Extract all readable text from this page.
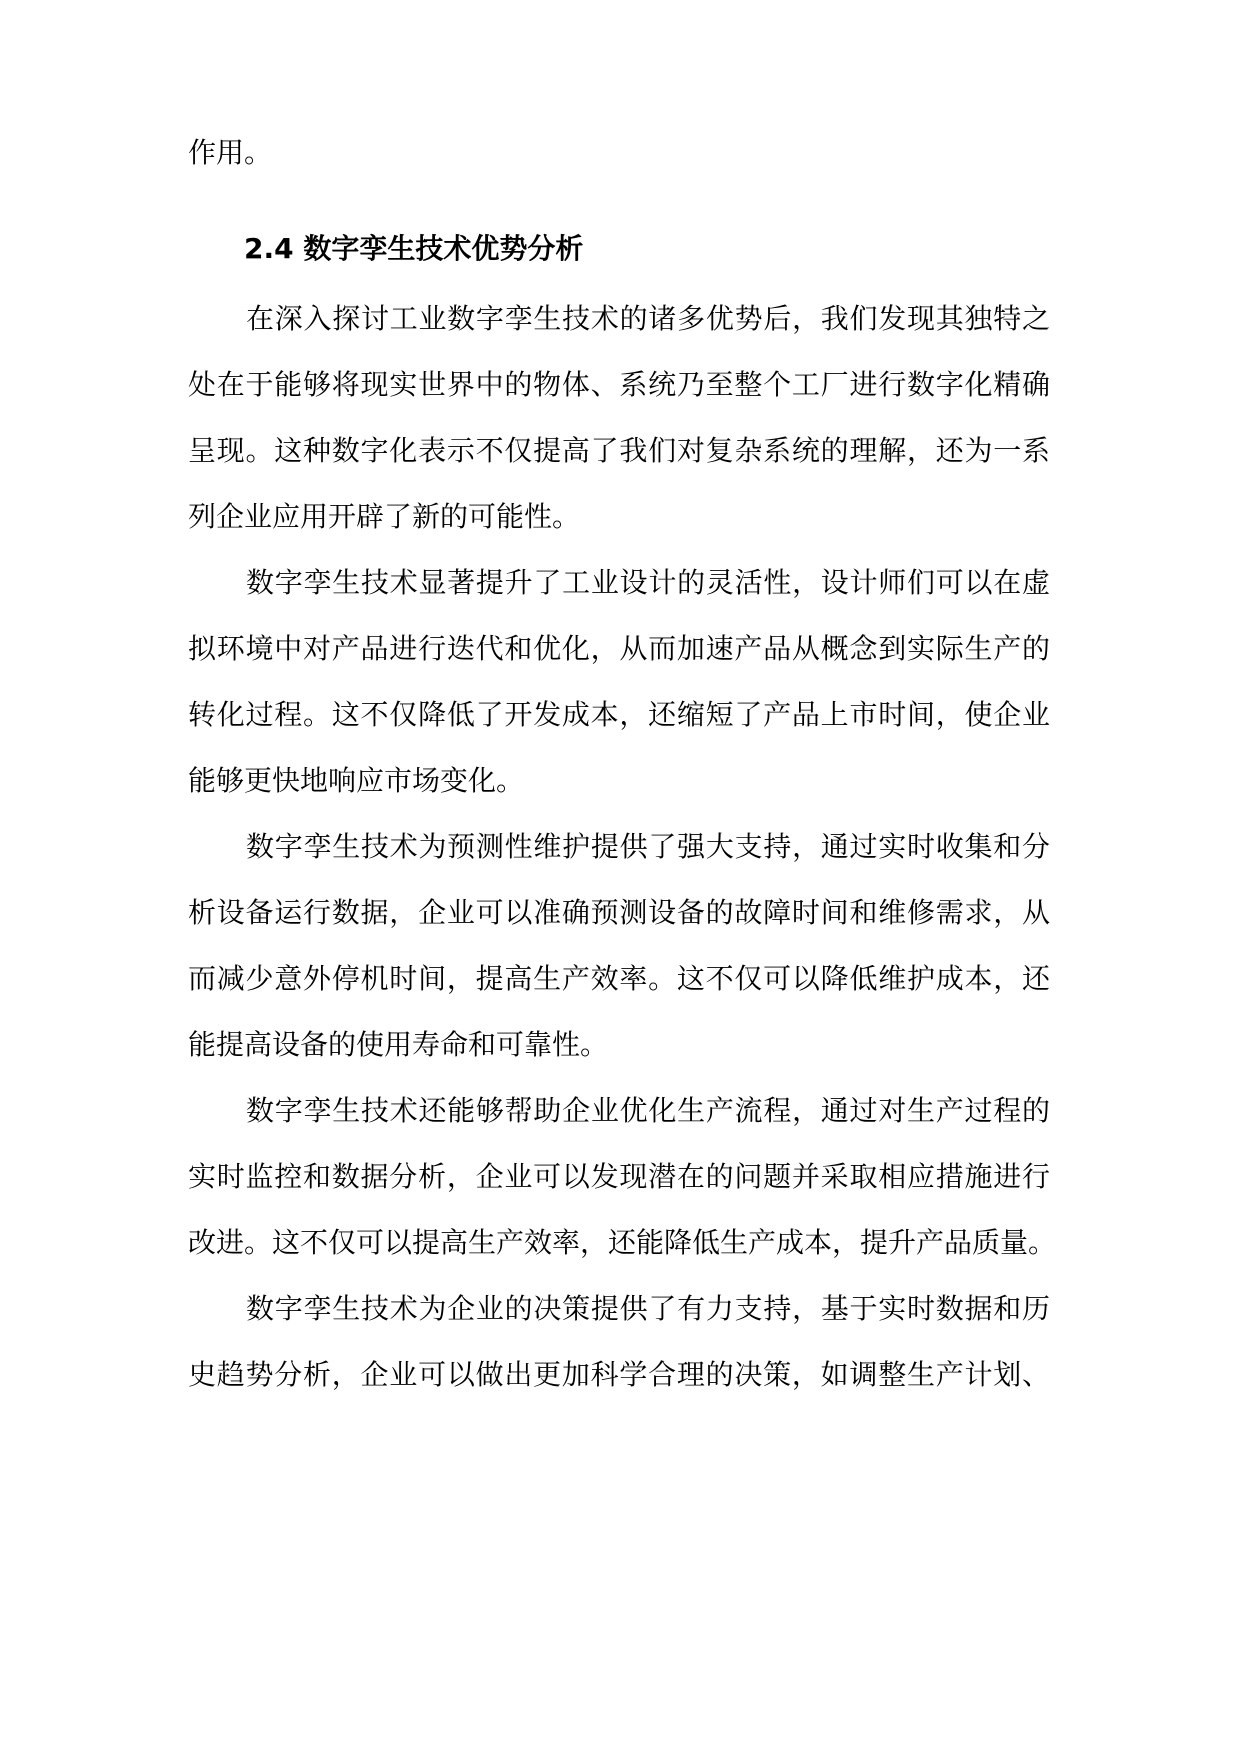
作用。
2.4 数字孪生技术优势分析
在深入探讨工业数字孪生技术的诸多优势后，我们发现其独特之
处在于能够将现实世界中的物体、系统乃至整个工厂进行数字化精确
呈现。这种数字化表示不仅提高了我们对复杂系统的理解，还为一系
列企业应用开辟了新的可能性。
数字孪生技术显著提升了工业设计的灵活性，设计师们可以在虚
拟环境中对产品进行迭代和优化，从而加速产品从概念到实际生产的
转化过程。这不仅降低了开发成本，还缩短了产品上市时间，使企业
能够更快地响应市场变化。
数字孪生技术为预测性维护提供了强大支持，通过实时收集和分
析设备运行数据，企业可以准确预测设备的故障时间和维修需求，从
而减少意外停机时间，提高生产效率。这不仅可以降低维护成本，还
能提高设备的使用寿命和可靠性。
数字孪生技术还能够帮助企业优化生产流程，通过对生产过程的
实时监控和数据分析，企业可以发现潜在的问题并采取相应措施进行
改进。这不仅可以提高生产效率，还能降低生产成本，提升产品质量。
数字孪生技术为企业的决策提供了有力支持，基于实时数据和历
史趋势分析，企业可以做出更加科学合理的决策，如调整生产计划、
